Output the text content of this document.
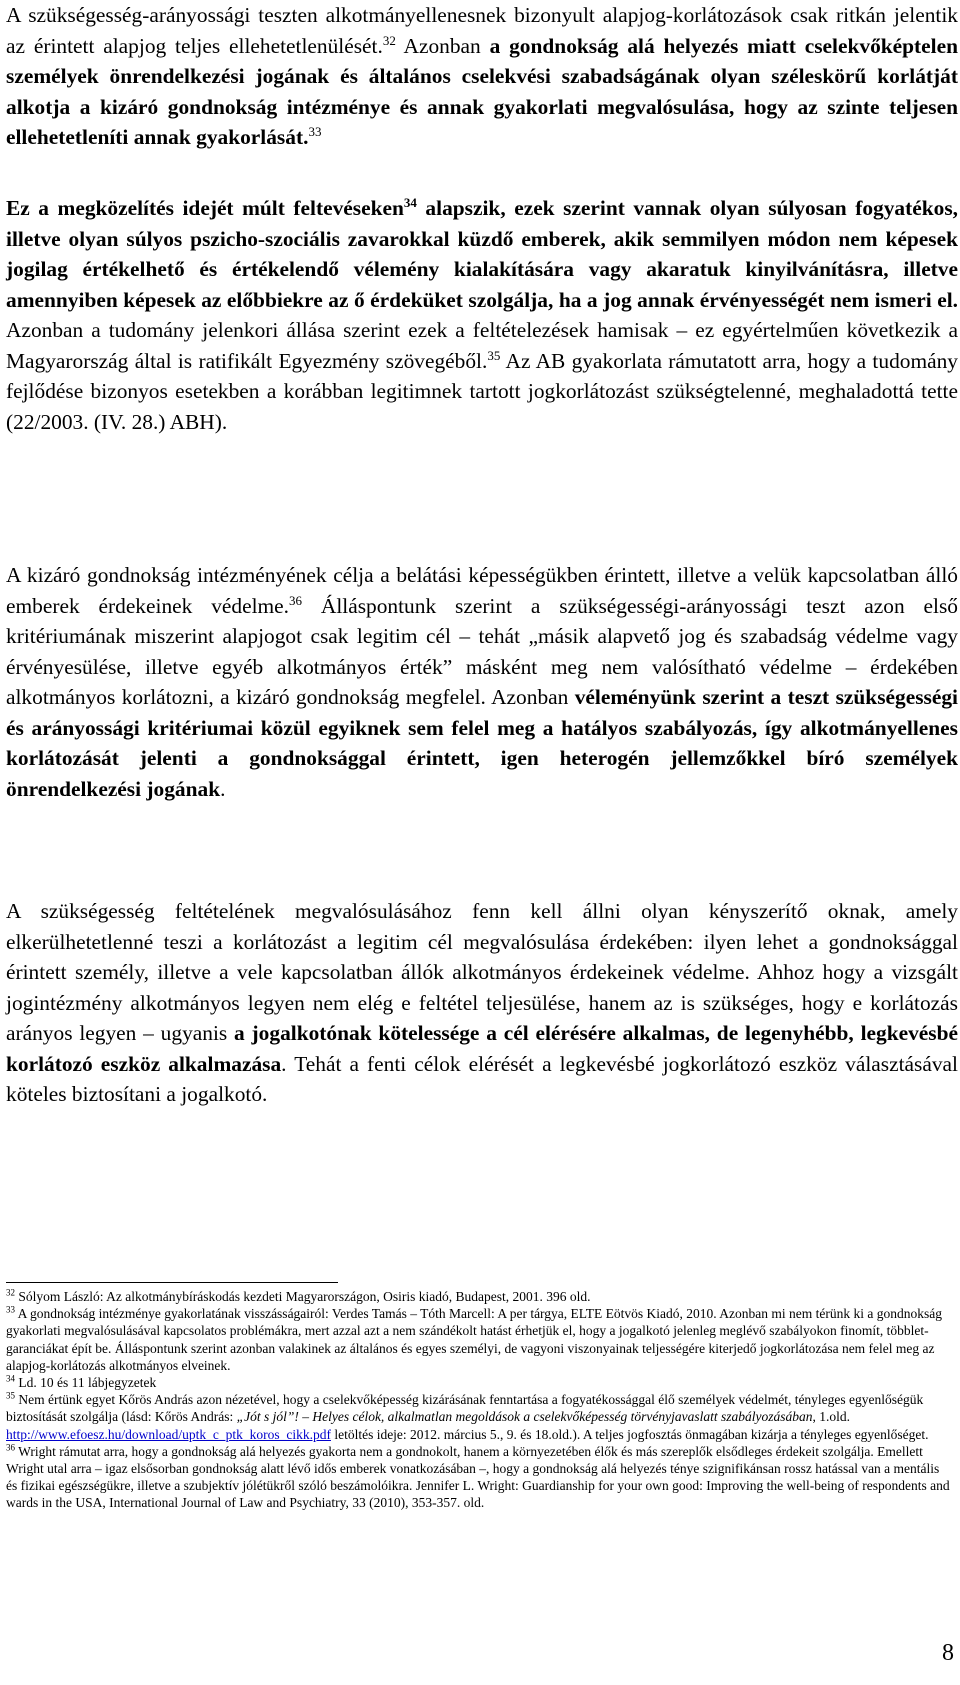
A szükségesség-arányossági teszten alkotmányellenesnek bizonyult alapjog-korlátozások csak ritkán jelentik az érintett alapjog teljes ellehetetlenülését.$^{32}$ Azonban a gondnokság alá helyezés miatt cselekvőképtelen személyek önrendelkezési jogának és általános cselekvési szabadságának olyan széleskörű korlátját alkotja a kizáró gondnokság intézménye és annak gyakorlati megvalósulása, hogy az szinte teljesen ellehetetleníti annak gyakorlását.$^{33}$

Ez a megközelítés idejét múlt feltevéseken$^{34}$ alapszik, ezek szerint vannak olyan súlyosan fogyatékos, illetve olyan súlyos pszicho-szociális zavarokkal küzdő emberek, akik semmilyen módon nem képesek jogilag értékelhető és értékelendő vélemény kialakítására vagy akaratuk kinyilvánításra, illetve amennyiben képesek az előbbiekre az ő érdeküket szolgálja, ha a jog annak érvényességét nem ismeri el. Azonban a tudomány jelenkori állása szerint ezek a feltételezések hamisak – ez egyértelműen következik a Magyarország által is ratifikált Egyezmény szövegéből.$^{35}$ Az AB gyakorlata rámutatott arra, hogy a tudomány fejlődése bizonyos esetekben a korábban legitimnek tartott jogkorlátozást szükségtelenné, meghaladottá tette (22/2003. (IV. 28.) ABH).

A kizáró gondnokság intézményének célja a belátási képességükben érintett, illetve a velük kapcsolatban álló emberek érdekeinek védelme.$^{36}$ Álláspontunk szerint a szükségességi-arányossági teszt azon első kritériumának miszerint alapjogot csak legitim cél – tehát „másik alapvető jog és szabadság védelme vagy érvényesülése, illetve egyéb alkotmányos érték” másként meg nem valósítható védelme – érdekében alkotmányos korlátozni, a kizáró gondnokság megfelel. Azonban véleményünk szerint a teszt szükségességi és arányossági kritériumai közül egyiknek sem felel meg a hatályos szabályozás, így alkotmányellenes korlátozását jelenti a gondnoksággal érintett, igen heterogén jellemzőkkel bíró személyek önrendelkezési jogának.

A szükségesség feltételének megvalósulásához fenn kell állni olyan kényszerítő oknak, amely elkerülhetetlenné teszi a korlátozást a legitim cél megvalósulása érdekében: ilyen lehet a gondnoksággal érintett személy, illetve a vele kapcsolatban állók alkotmányos érdekeinek védelme. Ahhoz hogy a vizsgált jogintézmény alkotmányos legyen nem elég e feltétel teljesülése, hanem az is szükséges, hogy e korlátozás arányos legyen – ugyanis a jogalkotónak kötelessége a cél elérésére alkalmas, de legenyhébb, legkevésbé korlátozó eszköz alkalmazása. Tehát a fenti célok elérését a legkevésbé jogkorlátozó eszköz választásával köteles biztosítani a jogalkotó.

$^{32}$ Sólyom László: Az alkotmánybíráskodás kezdeti Magyarországon, Osiris kiadó, Budapest, 2001. 396 old.

$^{33}$ A gondnokság intézménye gyakorlatának visszásságairól: Verdes Tamás – Tóth Marcell: A per tárgya, ELTE Eötvös Kiadó, 2010. Azonban mi nem térünk ki a gondnokság gyakorlati megvalósulásával kapcsolatos problémákra, mert azzal azt a nem szándékolt hatást érhetjük el, hogy a jogalkotó jelenleg meglévő szabályokon finomít, többlet-garanciákat épít be. Álláspontunk szerint azonban valakinek az általános és egyes személyi, de vagyoni viszonyainak teljességére kiterjedő jogkorlátozása nem felel meg az alapjog-korlátozás alkotmányos elveinek.

$^{34}$ Ld. 10 és 11 lábjegyzetek

$^{35}$ Nem értünk egyet Kőrös András azon nézetével, hogy a cselekvőképesség kizárásának fenntartása a fogyatékossággal élő személyek védelmét, tényleges egyenlőségük biztosítását szolgálja (lásd: Kőrös András: „Jót s jól”! – Helyes célok, alkalmatlan megoldások a cselekvőképesség törvényjavaslatt szabályozásában, 1.old. http://www.efoesz.hu/download/uptk_c_ptk_koros_cikk.pdf letöltés ideje: 2012. március 5., 9. és 18.old.). A teljes jogfosztás önmagában kizárja a tényleges egyenlőséget.

$^{36}$ Wright rámutat arra, hogy a gondnokság alá helyezés gyakorta nem a gondnokolt, hanem a környezetében élők és más szereplők elsődleges érdekeit szolgálja. Emellett Wright utal arra – igaz elsősorban gondnokság alatt lévő idős emberek vonatkozásában –, hogy a gondnokság alá helyezés ténye szignifikánsan rossz hatással van a mentális és fizikai egészségükre, illetve a szubjektív jólétükről szóló beszámolóikra. Jennifer L. Wright: Guardianship for your own good: Improving the well-being of respondents and wards in the USA, International Journal of Law and Psychiatry, 33 (2010), 353-357. old.

8
